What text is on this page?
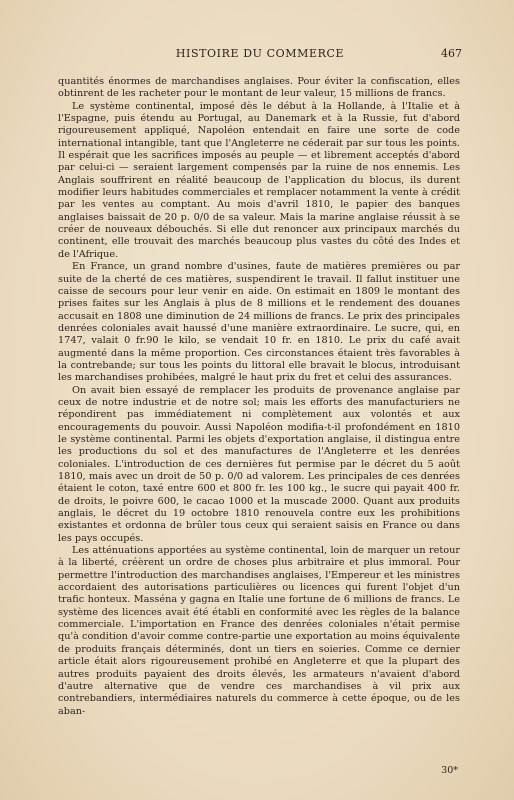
HISTOIRE DU COMMERCE	467

quantités énormes de marchandises anglaises. Pour éviter la confiscation, elles obtinrent de les racheter pour le montant de leur valeur, 15 millions de francs.

Le système continental, imposé dès le début à la Hollande, à l'Italie et à l'Espagne, puis étendu au Portugal, au Danemark et à la Russie, fut d'abord rigoureusement appliqué, Napoléon entendait en faire une sorte de code international intangible, tant que l'Angleterre ne céderait par sur tous les points. Il espérait que les sacrifices imposés au peuple — et librement acceptés d'abord par celui-ci — seraient largement compensés par la ruine de nos ennemis. Les Anglais souffrirent en réalité beaucoup de l'application du blocus, ils durent modifier leurs habitudes commerciales et remplacer notamment la vente à crédit par les ventes au comptant. Au mois d'avril 1810, le papier des banques anglaises baissait de 20 p. 0/0 de sa valeur. Mais la marine anglaise réussit à se créer de nouveaux débouchés. Si elle dut renoncer aux principaux marchés du continent, elle trouvait des marchés beaucoup plus vastes du côté des Indes et de l'Afrique.

En France, un grand nombre d'usines, faute de matières premières ou par suite de la cherté de ces matières, suspendirent le travail. Il fallut instituer une caisse de secours pour leur venir en aide. On estimait en 1809 le montant des prises faites sur les Anglais à plus de 8 millions et le rendement des douanes accusait en 1808 une diminution de 24 millions de francs. Le prix des principales denrées coloniales avait haussé d'une manière extraordinaire. Le sucre, qui, en 1747, valait 0 fr.90 le kilo, se vendait 10 fr. en 1810. Le prix du café avait augmenté dans la même proportion. Ces circonstances étaient très favorables à la contrebande; sur tous les points du littoral elle bravait le blocus, introduisant les marchandises prohibées, malgré le haut prix du fret et celui des assurances.

On avait bien essayé de remplacer les produits de provenance anglaise par ceux de notre industrie et de notre sol; mais les efforts des manufacturiers ne répondirent pas immédiatement ni complètement aux volontés et aux encouragements du pouvoir. Aussi Napoléon modifia-t-il profondément en 1810 le système continental. Parmi les objets d'exportation anglaise, il distingua entre les productions du sol et des manufactures de l'Angleterre et les denrées coloniales. L'introduction de ces dernières fut permise par le décret du 5 août 1810, mais avec un droit de 50 p. 0/0 ad valorem. Les principales de ces denrées étaient le coton, taxé entre 600 et 800 fr. les 100 kg., le sucre qui payait 400 fr. de droits, le poivre 600, le cacao 1000 et la muscade 2000. Quant aux produits anglais, le décret du 19 octobre 1810 renouvela contre eux les prohibitions existantes et ordonna de brûler tous ceux qui seraient saisis en France ou dans les pays occupés.

Les atténuations apportées au système continental, loin de marquer un retour à la liberté, créèrent un ordre de choses plus arbitraire et plus immoral. Pour permettre l'introduction des marchandises anglaises, l'Empereur et les ministres accordaient des autorisations particulières ou licences qui furent l'objet d'un trafic honteux. Masséna y gagna en Italie une fortune de 6 millions de francs. Le système des licences avait été établi en conformité avec les règles de la balance commerciale. L'importation en France des denrées coloniales n'était permise qu'à condition d'avoir comme contre-partie une exportation au moins équivalente de produits français déterminés, dont un tiers en soieries. Comme ce dernier article était alors rigoureusement prohibé en Angleterre et que la plupart des autres produits payaient des droits élevés, les armateurs n'avaient d'abord d'autre alternative que de vendre ces marchandises à vil prix aux contrebandiers, intermédiaires naturels du commerce à cette époque, ou de les aban-

30*
